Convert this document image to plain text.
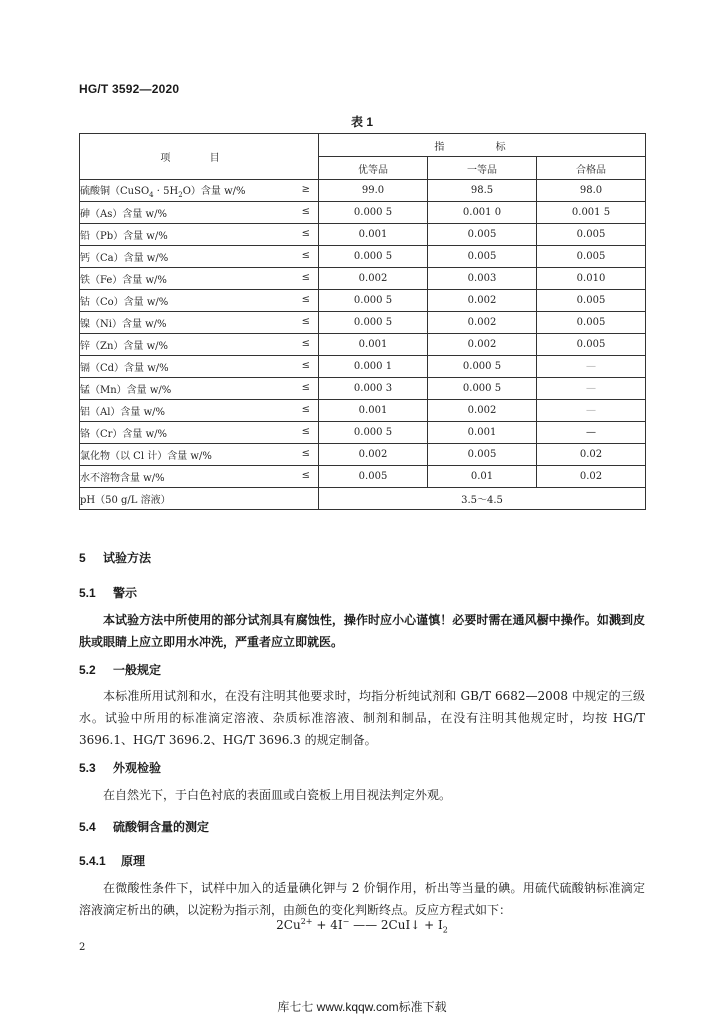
HG/T 3592—2020
表 1
项 目	指 标		
	优等品	一等品	合格品
硫酸铜（CuSO$_4$ · $5H_2O$）含量 w/% ≥	99.0	98.5	98.0
砷（As）含量 w/% ≤	0.000 5	0.001 0	0.001 5
铅（Pb）含量 w/% ≤	0.001	0.005	0.005
钙（Ca）含量 w/% ≤	0.000 5	0.005	0.005
铁（Fe）含量 w/% ≤	0.002	0.003	0.010
钴（Co）含量 w/% ≤	0.000 5	0.002	0.005
镍（Ni）含量 w/% ≤	0.000 5	0.002	0.005
锌（Zn）含量 w/% ≤	0.001	0.002	0.005
镉（Cd）含量 w/% ≤	0.000 1	0.000 5	—
锰（Mn）含量 w/% ≤	0.000 3	0.000 5	—
铝（Al）含量 w/% ≤	0.001	0.002	—
铬（Cr）含量 w/% ≤	0.000 5	0.001	—
氯化物（以 Cl 计）含量 w/% ≤	0.002	0.005	0.02
水不溶物含量 w/% ≤	0.005	0.01	0.02
pH（50 g/L 溶液）	3.5～4.5		
5 试验方法
5.1 警示
本试验方法中所使用的部分试剂具有腐蚀性，操作时应小心谨慎！必要时需在通风橱中操作。如溅到皮肤或眼睛上应立即用水冲洗，严重者应立即就医。
5.2 一般规定
本标准所用试剂和水，在没有注明其他要求时，均指分析纯试剂和 GB/T 6682—2008 中规定的三级水。试验中所用的标准滴定溶液、杂质标准溶液、制剂和制品，在没有注明其他规定时，均按 HG/T 3696.1、HG/T 3696.2、HG/T 3696.3 的规定制备。
5.3 外观检验
在自然光下，于白色衬底的表面皿或白瓷板上用目视法判定外观。
5.4 硫酸铜含量的测定
5.4.1 原理
在微酸性条件下，试样中加入的适量碘化钾与 2 价铜作用，析出等当量的碘。用硫代硫酸钠标准滴定溶液滴定析出的碘，以淀粉为指示剂，由颜色的变化判断终点。反应方程式如下：
$2Cu^{2+} + 4I^-$ —— 2CuI↓ + $I_2$
2
库七七 www.kqqw.com标准下载
